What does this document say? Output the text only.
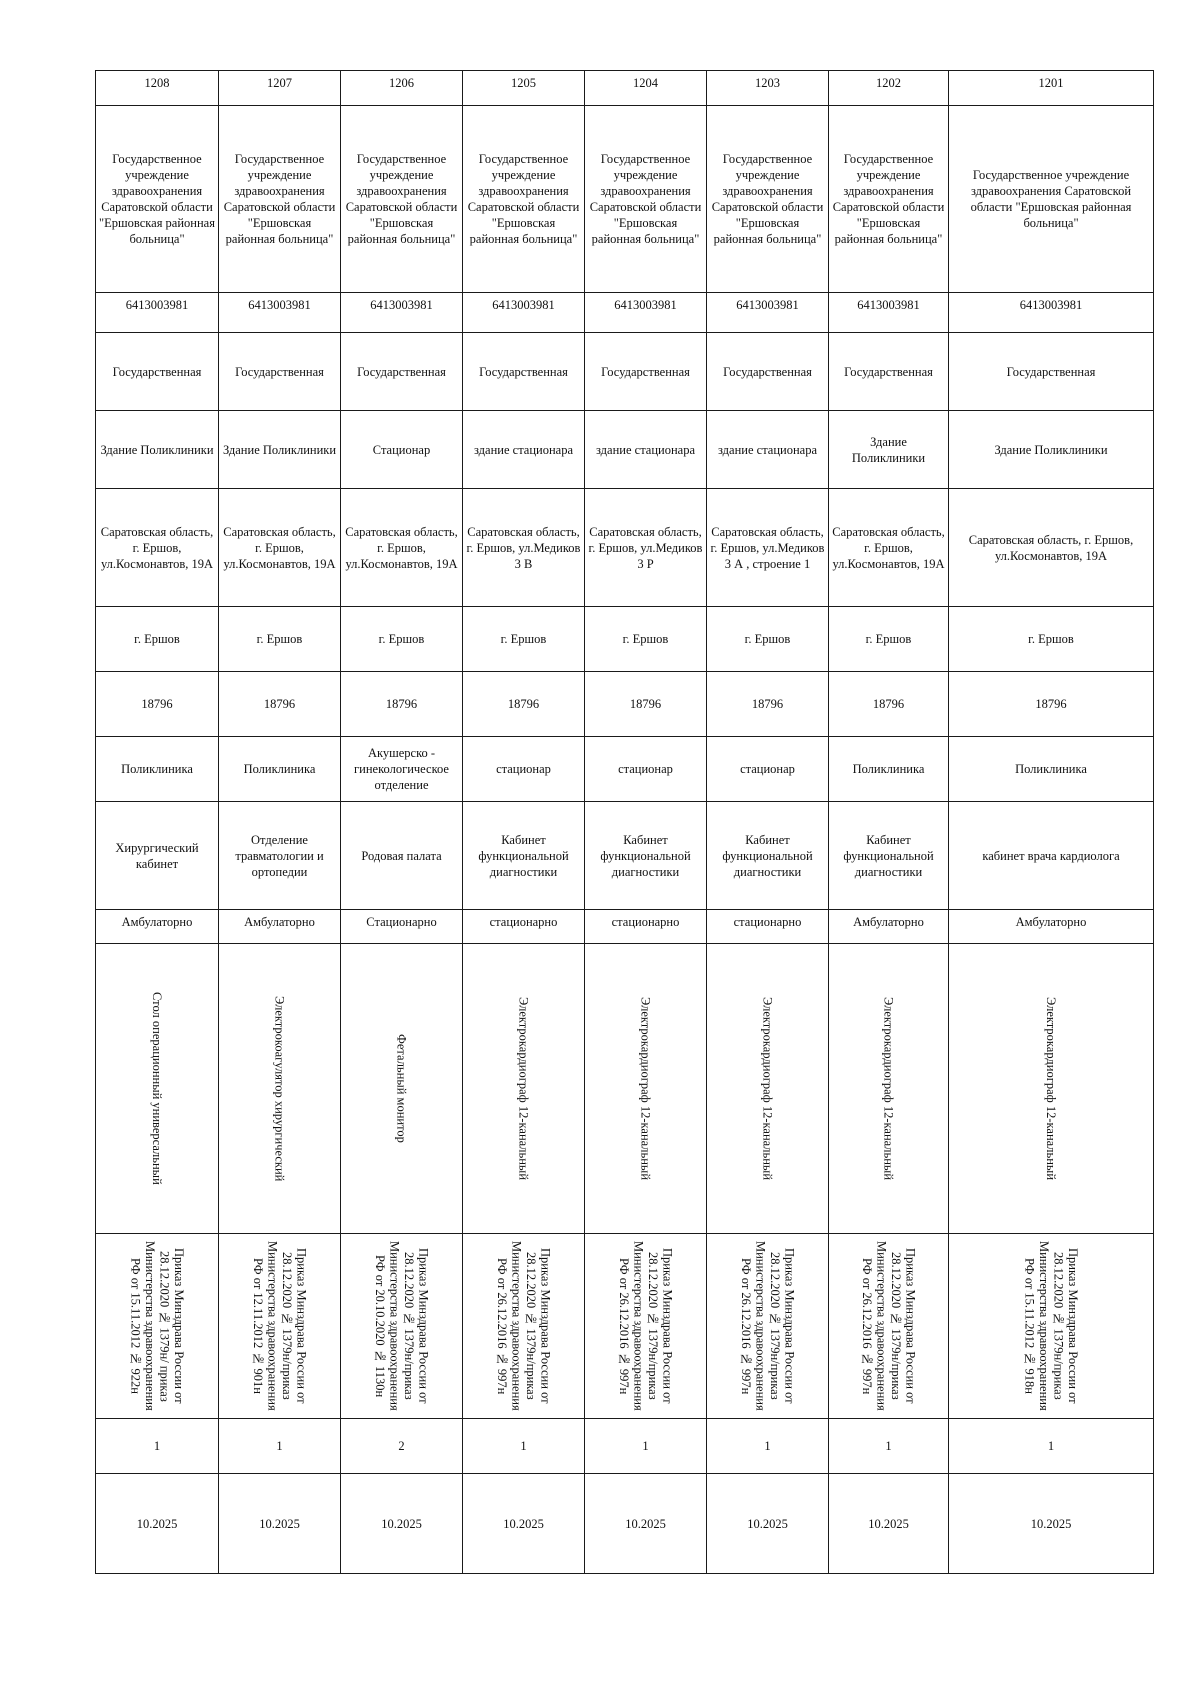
1208	1207	1206	1205	1204	1203	1202	1201
Государственное учреждение здравоохранения Саратовской области "Ершовская районная больница"	Государственное учреждение здравоохранения Саратовской области "Ершовская районная больница"	Государственное учреждение здравоохранения Саратовской области "Ершовская районная больница"	Государственное учреждение здравоохранения Саратовской области "Ершовская районная больница"	Государственное учреждение здравоохранения Саратовской области "Ершовская районная больница"	Государственное учреждение здравоохранения Саратовской области "Ершовская районная больница"	Государственное учреждение здравоохранения Саратовской области "Ершовская районная больница"	Государственное учреждение здравоохранения Саратовской области "Ершовская районная больница"
6413003981	6413003981	6413003981	6413003981	6413003981	6413003981	6413003981	6413003981
Государственная	Государственная	Государственная	Государственная	Государственная	Государственная	Государственная	Государственная
Здание Поликлиники	Здание Поликлиники	Стационар	здание стационара	здание стационара	здание стационара	Здание Поликлиники	Здание Поликлиники
Саратовская область, г. Ершов, ул.Космонавтов, 19А	Саратовская область, г. Ершов, ул.Космонавтов, 19А	Саратовская область, г. Ершов, ул.Космонавтов, 19А	Саратовская область, г. Ершов, ул.Медиков 3 В	Саратовская область, г. Ершов, ул.Медиков 3 Р	Саратовская область, г. Ершов, ул.Медиков 3 А , строение 1	Саратовская область, г. Ершов, ул.Космонавтов, 19А	Саратовская область, г. Ершов, ул.Космонавтов, 19А
г. Ершов	г. Ершов	г. Ершов	г. Ершов	г. Ершов	г. Ершов	г. Ершов	г. Ершов
18796	18796	18796	18796	18796	18796	18796	18796
Поликлиника	Поликлиника	Акушерско - гинекологическое отделение	стационар	стационар	стационар	Поликлиника	Поликлиника
Хирургический кабинет	Отделение травматологии и ортопедии	Родовая палата	Кабинет функциональной диагностики	Кабинет функциональной диагностики	Кабинет функциональной диагностики	Кабинет функциональной диагностики	кабинет врача кардиолога
Амбулаторно	Амбулаторно	Стационарно	стационарно	стационарно	стационарно	Амбулаторно	Амбулаторно

Стол операционный универсальный	Электрокоагулятор хирургический	Фетальный монитор	Электрокардиограф 12-канальный	Электрокардиограф 12-канальный	Электрокардиограф 12-канальный	Электрокардиограф 12-канальный	Электрокардиограф 12-канальный

Приказ Минздрава России от 28.12.2020 № 1379н/ приказ Министерства здравоохранения РФ от 15.11.2012 № 922н	Приказ Минздрава России от 28.12.2020 № 1379н/приказ Министерства здравоохранения РФ от 12.11.2012 № 901н	Приказ Минздрава России от 28.12.2020 № 1379н/приказ Министерства здравоохранения РФ от 20.10.2020 № 1130н	Приказ Минздрава России от 28.12.2020 № 1379н/приказ Министерства здравоохранения РФ от 26.12.2016 № 997н	Приказ Минздрава России от 28.12.2020 № 1379н/приказ Министерства здравоохранения РФ от 26.12.2016 № 997н	Приказ Минздрава России от 28.12.2020 № 1379н/приказ Министерства здравоохранения РФ от 26.12.2016 № 997н	Приказ Минздрава России от 28.12.2020 № 1379н/приказ Министерства здравоохранения РФ от 26.12.2016 № 997н	Приказ Минздрава России от 28.12.2020 № 1379н/приказ Министерства здравоохранения РФ от 15.11.2012 № 918н

1	1	2	1	1	1	1	1
10.2025	10.2025	10.2025	10.2025	10.2025	10.2025	10.2025	10.2025
